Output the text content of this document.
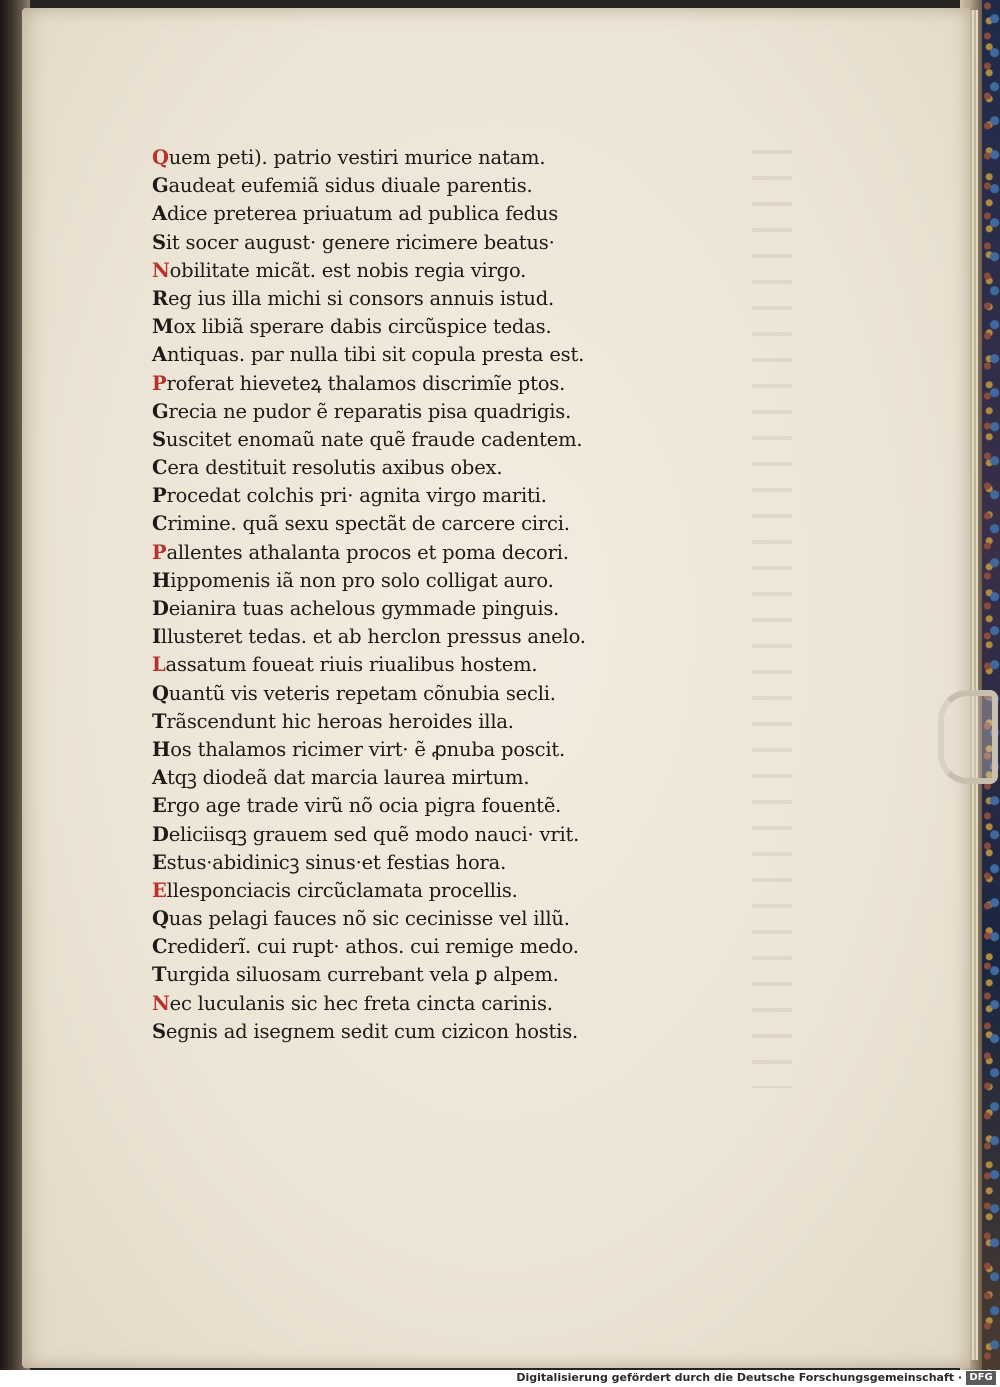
Quem peti). patrio vestiri murice natam.
Gaudeat eufemiã sidus diuale parentis.
Adice preterea priuatum ad publica fedus
Sit socer august· genere ricimere beatus·
Nobilitate micãt. est nobis regia virgo.
Reg ius illa michi si consors annuis istud.
Mox libiã sperare dabis circũspice tedas.
Antiquas. par nulla tibi sit copula presta est.
Proferat hieveteꝝ thalamos discrimĩe ptos.
Grecia ne pudor ẽ reparatis pisa quadrigis.
Suscitet enomaũ nate quẽ fraude cadentem.
Cera destituit resolutis axibus obex.
Procedat colchis pri· agnita virgo mariti.
Crimine. quã sexu spectãt de carcere circi.
Pallentes athalanta procos et poma decori.
Hippomenis iã non pro solo colligat auro.
Deianira tuas achelous gymmade pinguis.
Illusteret tedas. et ab herclon pressus anelo.
Lassatum foueat riuis riualibus hostem.
Quantũ vis veteris repetam cõnubia secli.
Trãscendunt hic heroas heroides illa.
Hos thalamos ricimer virt· ẽ ꝓnuba poscit.
Atqꝫ diodeã dat marcia laurea mirtum.
Ergo age trade virũ nõ ocia pigra fouentẽ.
Deliciisqꝫ grauem sed quẽ modo nauci· vrit.
Estus·abidinicꝫ sinus·et festias hora.
Ellesponciacis circũclamata procellis.
Quas pelagi fauces nõ sic cecinisse vel illũ.
Crediderĩ. cui rupt· athos. cui remige medo.
Turgida siluosam currebant vela ꝑ alpem.
Nec luculanis sic hec freta cincta carinis.
Segnis ad isegnem sedit cum cizicon hostis.
Digitalisierung gefördert durch die Deutsche Forschungsgemeinschaft · DFG
